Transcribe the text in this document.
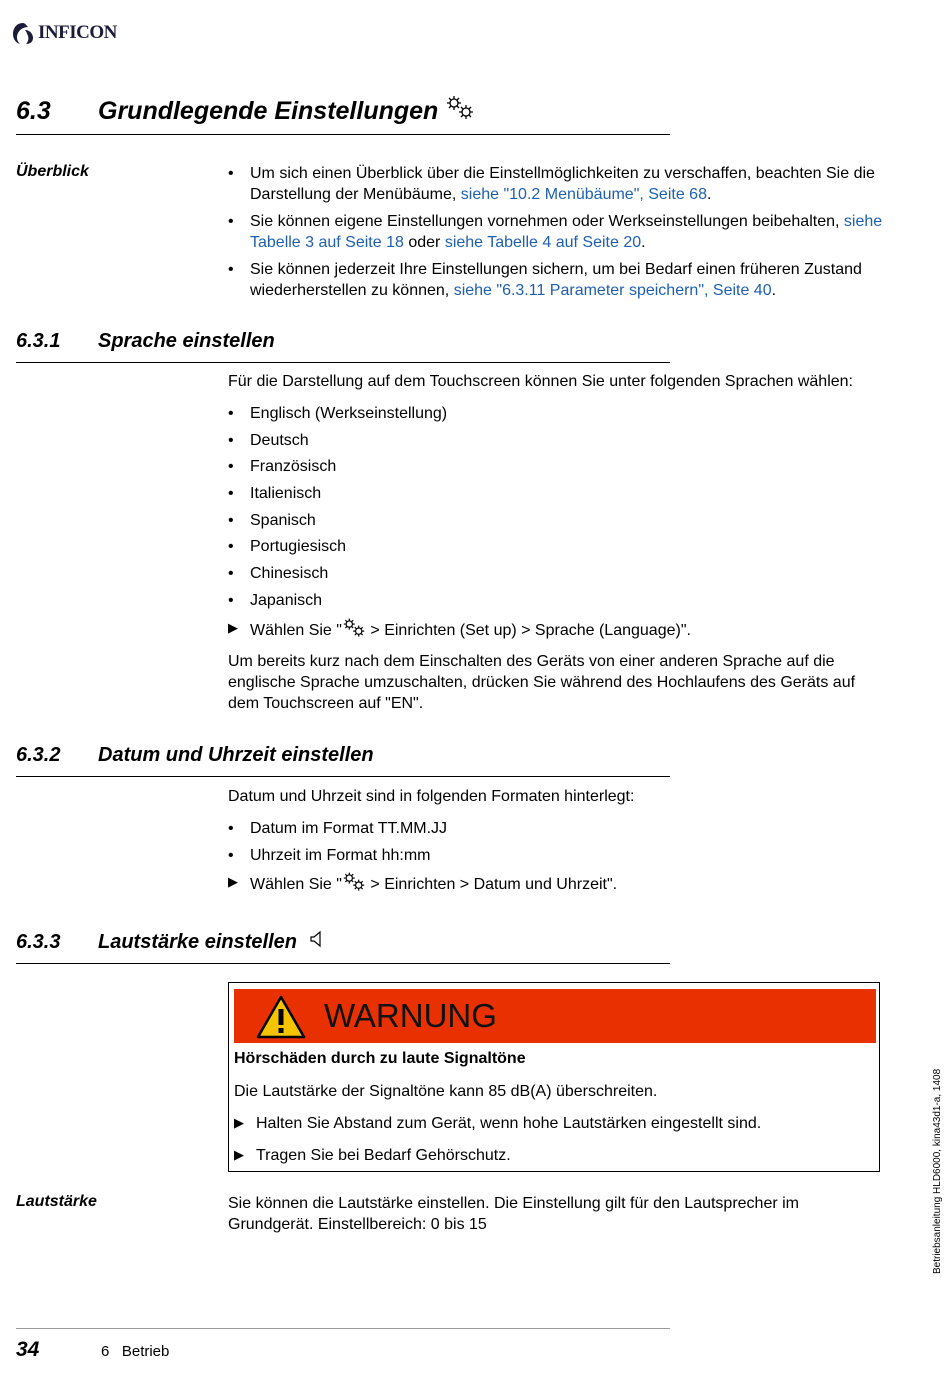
INFICON
6.3 Grundlegende Einstellungen
Überblick
•	Um sich einen Überblick über die Einstellmöglichkeiten zu verschaffen, beachten Sie die Darstellung der Menübäume, siehe "10.2 Menübäume", Seite 68.
• Sie können eigene Einstellungen vornehmen oder Werkseinstellungen beibehalten, siehe Tabelle 3 auf Seite 18 oder siehe Tabelle 4 auf Seite 20.
• Sie können jederzeit Ihre Einstellungen sichern, um bei Bedarf einen früheren Zustand wiederherstellen zu können, siehe "6.3.11 Parameter speichern", Seite 40.
6.3.1 Sprache einstellen

Für die Darstellung auf dem Touchscreen können Sie unter folgenden Sprachen wählen:

• Englisch (Werkseinstellung)
• Deutsch
• Französisch
• Italienisch
• Spanisch
• Portugiesisch
• Chinesisch
• Japanisch
▶ Wählen Sie " > Einrichten (Set up) > Sprache (Language)".

Um bereits kurz nach dem Einschalten des Geräts von einer anderen Sprache auf die englische Sprache umzuschalten, drücken Sie während des Hochlaufens des Geräts auf dem Touchscreen auf "EN".

6.3.2 Datum und Uhrzeit einstellen

Datum und Uhrzeit sind in folgenden Formaten hinterlegt:

• Datum im Format TT.MM.JJ
• Uhrzeit im Format hh:mm
▶ Wählen Sie " > Einrichten > Datum und Uhrzeit".
6.3.3 Lautstärke einstellen
WARNUNG
Hörschäden durch zu laute Signaltöne
Die Lautstärke der Signaltöne kann 85 dB(A) überschreiten.
▶ Halten Sie Abstand zum Gerät, wenn hohe Lautstärken eingestellt sind.
▶ Tragen Sie bei Bedarf Gehörschutz.
Lautstärke	Sie können die Lautstärke einstellen. Die Einstellung gilt für den Lautsprecher im Grundgerät. Einstellbereich: 0 bis 15	Betriebsanleitung HLD6000, kina43d1-a, 1408
34	6   Betrieb
